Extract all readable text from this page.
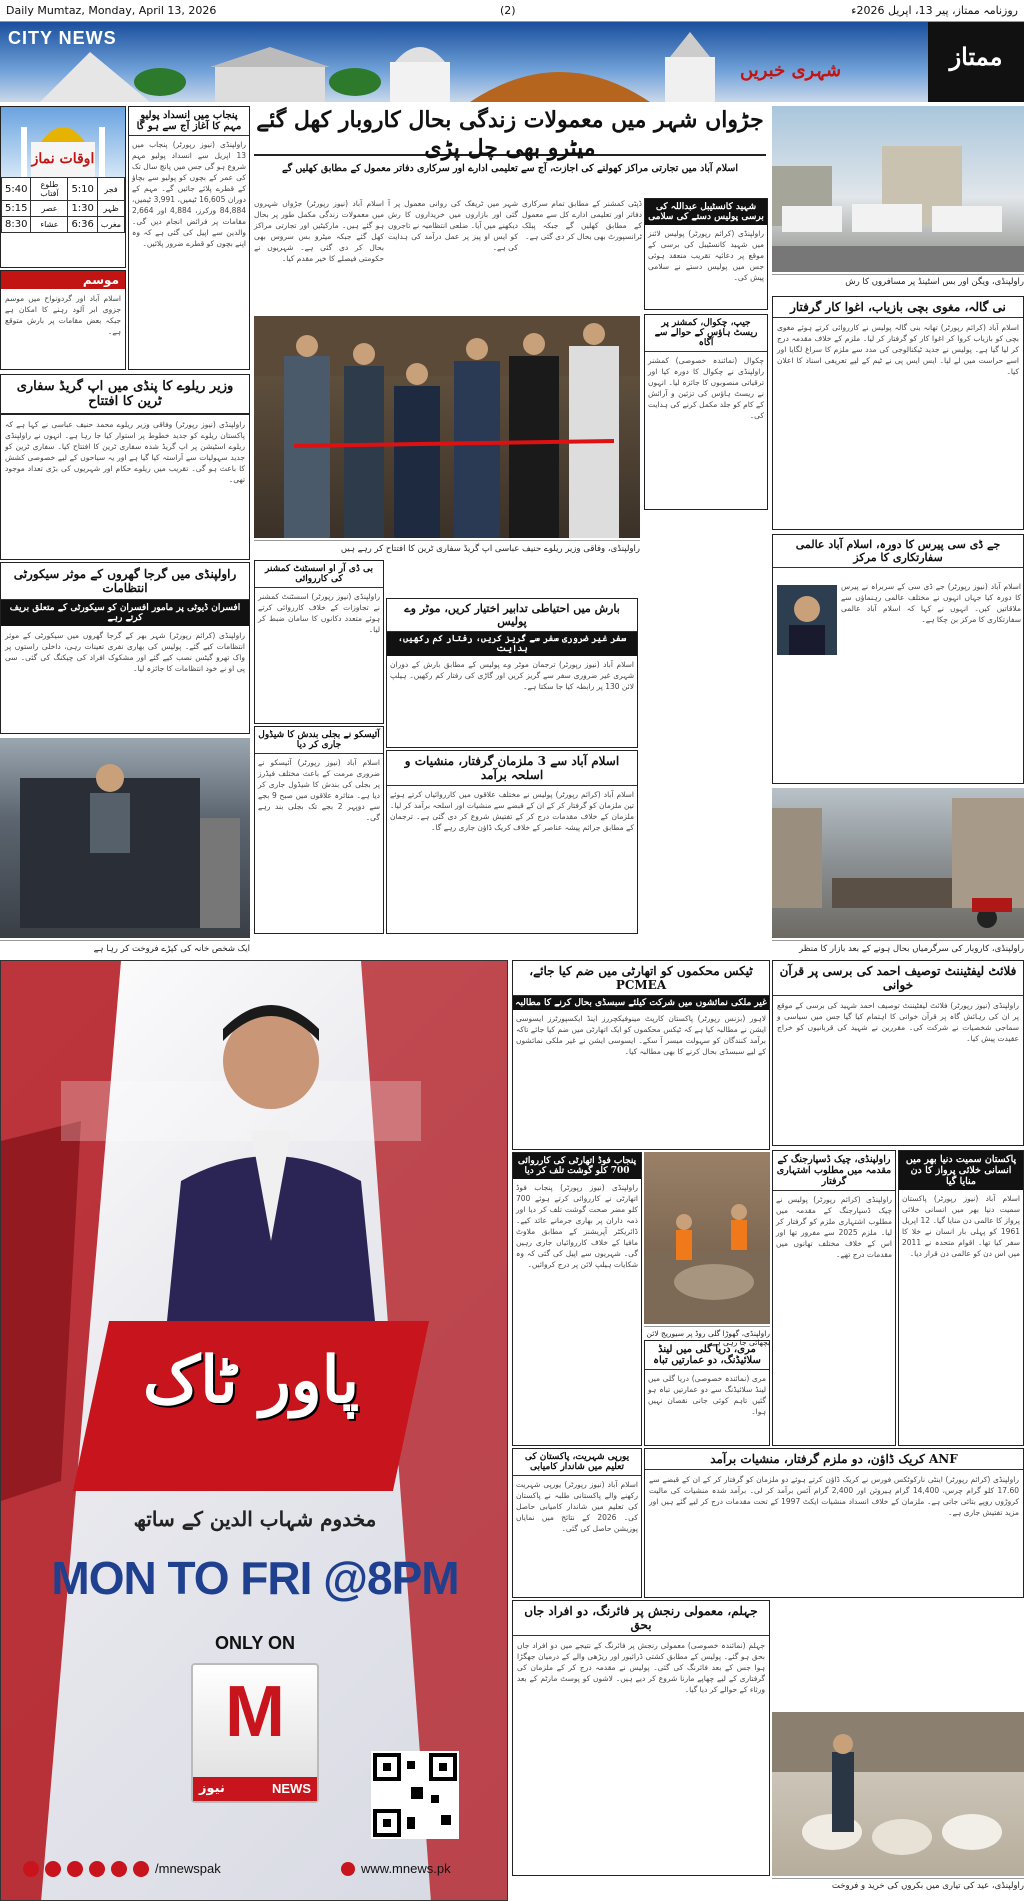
Daily Mumtaz, Monday, April 13, 2026	(2)	روزنامہ ممتاز، پیر 13، اپریل 2026ء
CITY NEWS
شہری خبریں	ممتاز
اوقات نماز
5:40	طلوع آفتاب	5:10	فجر
5:15	عصر	1:30	ظہر
8:30	عشاء	6:36	مغرب
موسم
اسلام آباد اور گردونواح میں موسم جزوی ابر آلود رہنے کا امکان ہے جبکہ بعض مقامات پر بارش متوقع ہے۔
پنجاب میں انسداد پولیو مہم کا آغاز آج سے ہو گا
راولپنڈی (نیوز رپورٹر) پنجاب میں 13 اپریل سے انسداد پولیو مہم شروع ہو گی جس میں پانچ سال تک کی عمر کے بچوں کو پولیو سے بچاؤ کے قطرے پلائے جائیں گے۔ مہم کے دوران 16,605 ٹیمیں، 3,991 ٹیمیں، 84,884 ورکرز، 4,884 اور 2,664 مقامات پر فرائض انجام دیں گی۔ والدین سے اپیل کی گئی ہے کہ وہ اپنے بچوں کو قطرے ضرور پلائیں۔
وزیر ریلوے کا پنڈی میں اپ گریڈ سفاری ٹرین کا افتتاح
راولپنڈی (نیوز رپورٹر) وفاقی وزیر ریلوے محمد حنیف عباسی نے کہا ہے کہ پاکستان ریلوے کو جدید خطوط پر استوار کیا جا رہا ہے۔ انہوں نے راولپنڈی ریلوے اسٹیشن پر اپ گریڈ شدہ سفاری ٹرین کا افتتاح کیا۔ سفاری ٹرین کو جدید سہولیات سے آراستہ کیا گیا ہے اور یہ سیاحوں کے لیے خصوصی کشش کا باعث ہو گی۔ تقریب میں ریلوے حکام اور شہریوں کی بڑی تعداد موجود تھی۔
راولپنڈی میں گرجا گھروں کے موثر سیکورٹی انتظامات
افسران ڈیوٹی پر مامور افسران کو سیکورٹی کے متعلق بریف کرتے رہے
راولپنڈی (کرائم رپورٹر) شہر بھر کے گرجا گھروں میں سیکورٹی کے موثر انتظامات کیے گئے۔ پولیس کی بھاری نفری تعینات رہی، داخلی راستوں پر واک تھرو گیٹس نصب کیے گئے اور مشکوک افراد کی چیکنگ کی گئی۔ سی پی او نے خود انتظامات کا جائزہ لیا۔
ایک شخص خانہ کی کپڑے فروخت کر رہا ہے
جڑواں شہر میں معمولات زندگی بحال کاروبار کھل گئے میٹرو بھی چل پڑی
اسلام آباد میں تجارتی مراکز کھولنے کی اجازت، آج سے تعلیمی ادارے اور سرکاری دفاتر معمول کے مطابق کھلیں گے
اسلام آباد (نیوز رپورٹر) جڑواں شہروں میں معمولات زندگی مکمل طور پر بحال ہو گئے ہیں۔ مارکیٹیں اور تجارتی مراکز کھل گئے جبکہ میٹرو بس سروس بھی بحال کر دی گئی ہے۔ شہریوں نے حکومتی فیصلے کا خیر مقدم کیا۔
شہر میں ٹریفک کی روانی معمول پر آ گئی اور بازاروں میں خریداروں کا رش دیکھنے میں آیا۔ ضلعی انتظامیہ نے تاجروں کو ایس او پیز پر عمل درآمد کی ہدایت کی ہے۔
ڈپٹی کمشنر کے مطابق تمام سرکاری دفاتر اور تعلیمی ادارے کل سے معمول کے مطابق کھلیں گے جبکہ پبلک ٹرانسپورٹ بھی بحال کر دی گئی ہے۔
راولپنڈی، وفاقی وزیر ریلوے حنیف عباسی اپ گریڈ سفاری ٹرین کا افتتاح کر رہے ہیں
شہید کانسٹیبل عبداللہ کی برسی پولیس دستے کی سلامی
راولپنڈی (کرائم رپورٹر) پولیس لائنز میں شہید کانسٹیبل کی برسی کے موقع پر دعائیہ تقریب منعقد ہوئی جس میں پولیس دستے نے سلامی پیش کی۔
جیپ، چکوال، کمشنر پر ریسٹ ہاؤس کے حوالے سے آگاہ
چکوال (نمائندہ خصوصی) کمشنر راولپنڈی نے چکوال کا دورہ کیا اور ترقیاتی منصوبوں کا جائزہ لیا۔ انہوں نے ریسٹ ہاؤس کی تزئین و آرائش کے کام کو جلد مکمل کرنے کی ہدایت کی۔
بارش میں احتیاطی تدابیر اختیار کریں، موٹر وے پولیس
سفر غیر ضروری سفر سے گریز کریں، رفتار کم رکھیں، ہدایت
اسلام آباد (نیوز رپورٹر) ترجمان موٹر وے پولیس کے مطابق بارش کے دوران شہری غیر ضروری سفر سے گریز کریں اور گاڑی کی رفتار کم رکھیں۔ ہیلپ لائن 130 پر رابطہ کیا جا سکتا ہے۔
بی ڈی آر او اسسٹنٹ کمشنر کی کارروائی
راولپنڈی (نیوز رپورٹر) اسسٹنٹ کمشنر نے تجاوزات کے خلاف کارروائی کرتے ہوئے متعدد دکانوں کا سامان ضبط کر لیا۔
آئیسکو نے بجلی بندش کا شیڈول جاری کر دیا
اسلام آباد (نیوز رپورٹر) آئیسکو نے ضروری مرمت کے باعث مختلف فیڈرز پر بجلی کی بندش کا شیڈول جاری کر دیا ہے۔ متاثرہ علاقوں میں صبح 9 بجے سے دوپہر 2 بجے تک بجلی بند رہے گی۔
اسلام آباد سے 3 ملزمان گرفتار، منشیات و اسلحہ برآمد
اسلام آباد (کرائم رپورٹر) پولیس نے مختلف علاقوں میں کارروائیاں کرتے ہوئے تین ملزمان کو گرفتار کر کے ان کے قبضے سے منشیات اور اسلحہ برآمد کر لیا۔ ملزمان کے خلاف مقدمات درج کر کے تفتیش شروع کر دی گئی ہے۔ ترجمان کے مطابق جرائم پیشہ عناصر کے خلاف کریک ڈاؤن جاری رہے گا۔
راولپنڈی، ویگن اور بس اسٹینڈ پر مسافروں کا رش
نی گالہ، مغوی بچی بازیاب، اغوا کار گرفتار
اسلام آباد (کرائم رپورٹر) تھانہ بنی گالہ پولیس نے کارروائی کرتے ہوئے مغوی بچی کو بازیاب کروا کر اغوا کار کو گرفتار کر لیا۔ ملزم کے خلاف مقدمہ درج کر لیا گیا ہے۔ پولیس نے جدید ٹیکنالوجی کی مدد سے ملزم کا سراغ لگایا اور اسے حراست میں لے لیا۔ ایس ایس پی نے ٹیم کے لیے تعریفی اسناد کا اعلان کیا۔
جے ڈی سی پیرس کا دورہ، اسلام آباد عالمی سفارتکاری کا مرکز
اسلام آباد (نیوز رپورٹر) جے ڈی سی کے سربراہ نے پیرس کا دورہ کیا جہاں انہوں نے مختلف عالمی رہنماؤں سے ملاقاتیں کیں۔ انہوں نے کہا کہ اسلام آباد عالمی سفارتکاری کا مرکز بن چکا ہے۔
راولپنڈی، کاروبار کی سرگرمیاں بحال ہونے کے بعد بازار کا منظر
فلائٹ لیفٹیننٹ توصیف احمد کی برسی پر قرآن خوانی
راولپنڈی (نیوز رپورٹر) فلائٹ لیفٹیننٹ توصیف احمد شہید کی برسی کے موقع پر ان کی رہائش گاہ پر قرآن خوانی کا اہتمام کیا گیا جس میں سیاسی و سماجی شخصیات نے شرکت کی۔ مقررین نے شہید کی قربانیوں کو خراج عقیدت پیش کیا۔
راولپنڈی، چیک ڈسپارجنگ کے مقدمہ میں مطلوب اشتہاری گرفتار
راولپنڈی (کرائم رپورٹر) پولیس نے چیک ڈسپارجنگ کے مقدمہ میں مطلوب اشتہاری ملزم کو گرفتار کر لیا۔ ملزم 2025 سے مفرور تھا اور اس کے خلاف مختلف تھانوں میں مقدمات درج تھے۔
پاکستان سمیت دنیا بھر میں انسانی خلائی پرواز کا دن منایا گیا
اسلام آباد (نیوز رپورٹر) پاکستان سمیت دنیا بھر میں انسانی خلائی پرواز کا عالمی دن منایا گیا۔ 12 اپریل 1961 کو پہلی بار انسان نے خلا کا سفر کیا تھا۔ اقوام متحدہ نے 2011 میں اس دن کو عالمی دن قرار دیا۔
راولپنڈی، عید کی تیاری میں بکروں کی خرید و فروخت
ٹیکس محکموں کو اتھارٹی میں ضم کیا جائے، PCMEA
غیر ملکی نمائشوں میں شرکت کیلئے سبسڈی بحال کرنے کا مطالبہ
لاہور (بزنس رپورٹر) پاکستان کارپٹ مینوفیکچررز اینڈ ایکسپورٹرز ایسوسی ایشن نے مطالبہ کیا ہے کہ ٹیکس محکموں کو ایک اتھارٹی میں ضم کیا جائے تاکہ برآمد کنندگان کو سہولت میسر آ سکے۔ ایسوسی ایشن نے غیر ملکی نمائشوں کے لیے سبسڈی بحال کرنے کا بھی مطالبہ کیا۔
پنجاب فوڈ اتھارٹی کی کارروائی 700 کلو گوشت تلف کر دیا
راولپنڈی (نیوز رپورٹر) پنجاب فوڈ اتھارٹی نے کارروائی کرتے ہوئے 700 کلو مضر صحت گوشت تلف کر دیا اور ذمہ داران پر بھاری جرمانے عائد کیے۔ ڈائریکٹر آپریشنز کے مطابق ملاوٹ مافیا کے خلاف کارروائیاں جاری رہیں گی۔ شہریوں سے اپیل کی گئی کہ وہ شکایات ہیلپ لائن پر درج کروائیں۔
راولپنڈی، گھوڑا گلی روڈ پر سیوریج لائن بچھائی جا رہی ہے
مری، دریا گلی میں لینڈ سلائیڈنگ، دو عمارتیں تباہ
مری (نمائندہ خصوصی) دریا گلی میں لینڈ سلائیڈنگ سے دو عمارتیں تباہ ہو گئیں تاہم کوئی جانی نقصان نہیں ہوا۔
یورپی شہریت، پاکستان کی تعلیم میں شاندار کامیابی
اسلام آباد (نیوز رپورٹر) یورپی شہریت رکھنے والے پاکستانی طلبہ نے پاکستان کی تعلیم میں شاندار کامیابی حاصل کی۔ 2026 کے نتائج میں نمایاں پوزیشن حاصل کی گئی۔
ANF کریک ڈاؤن، دو ملزم گرفتار، منشیات برآمد
راولپنڈی (کرائم رپورٹر) اینٹی نارکوٹکس فورس نے کریک ڈاؤن کرتے ہوئے دو ملزمان کو گرفتار کر کے ان کے قبضے سے 17.60 کلو گرام چرس، 14,400 گرام ہیروئن اور 2,400 گرام آئس برآمد کر لی۔ برآمد شدہ منشیات کی مالیت کروڑوں روپے بتائی جاتی ہے۔ ملزمان کے خلاف انسداد منشیات ایکٹ 1997 کے تحت مقدمات درج کر لیے گئے ہیں اور مزید تفتیش جاری ہے۔
جہلم، معمولی رنجش پر فائرنگ، دو افراد جاں بحق
جہلم (نمائندہ خصوصی) معمولی رنجش پر فائرنگ کے نتیجے میں دو افراد جاں بحق ہو گئے۔ پولیس کے مطابق کشتی ڈرائیور اور ریڑھی والے کے درمیان جھگڑا ہوا جس کے بعد فائرنگ کی گئی۔ پولیس نے مقدمہ درج کر کے ملزمان کی گرفتاری کے لیے چھاپے مارنا شروع کر دیے ہیں۔ لاشوں کو پوسٹ مارٹم کے بعد ورثاء کے حوالے کر دیا گیا۔
پاور ٹاک
مخدوم شہاب الدین کے ساتھ
MON TO FRI @8PM
ONLY ON
M
نیوز	NEWS
/mnewspak	www.mnews.pk
